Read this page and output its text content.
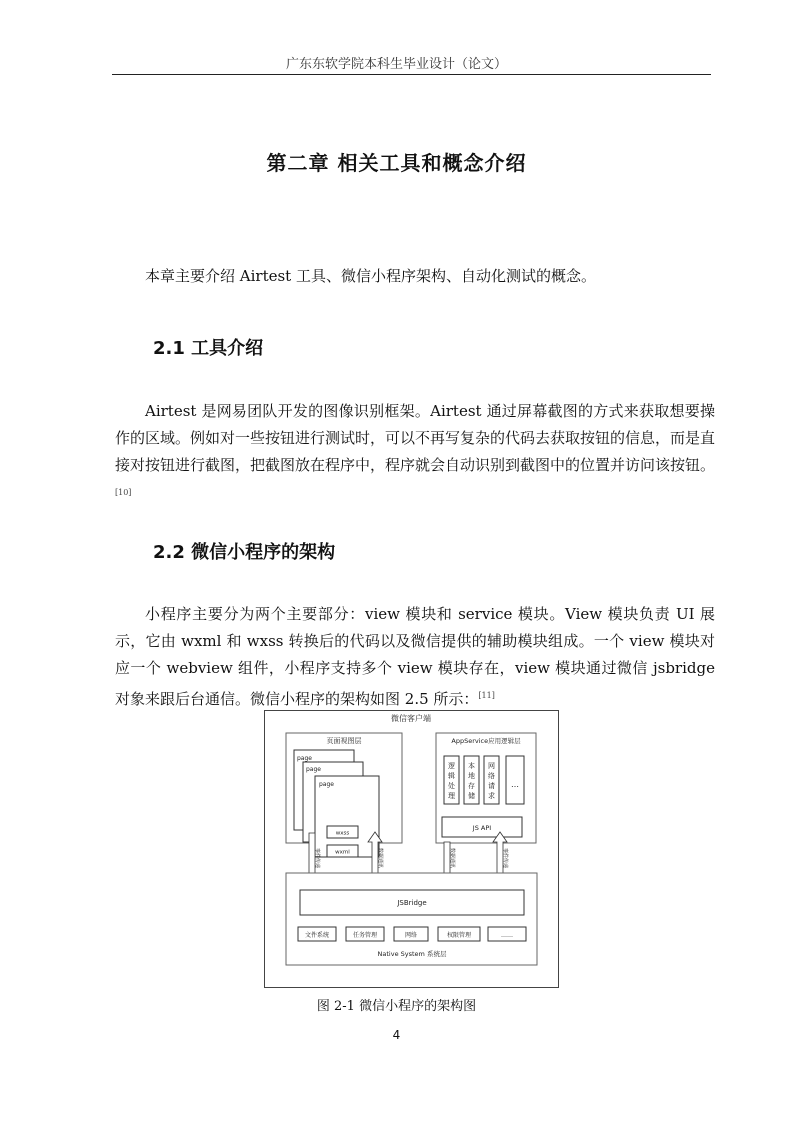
广东东软学院本科生毕业设计（论文）
第二章 相关工具和概念介绍
本章主要介绍 Airtest 工具、微信小程序架构、自动化测试的概念。
2.1 工具介绍
Airtest 是网易团队开发的图像识别框架。Airtest 通过屏幕截图的方式来获取想要操作的区域。例如对一些按钮进行测试时，可以不再写复杂的代码去获取按钮的信息，而是直接对按钮进行截图，把截图放在程序中，程序就会自动识别到截图中的位置并访问该按钮。[10]
2.2 微信小程序的架构
小程序主要分为两个主要部分：view 模块和 service 模块。View 模块负责 UI 展示，它由 wxml 和 wxss 转换后的代码以及微信提供的辅助模块组成。一个 view 模块对应一个 webview 组件，小程序支持多个 view 模块存在，view 模块通过微信 jsbridge 对象来跟后台通信。微信小程序的架构如图 2.5 所示：[11]
微信客户端
页面视图层
page
page
page
wxss
wxml
AppService应用逻辑层
逻辑处理
本地存储
网络请求
…
JS API
事件传递	数据通讯	数据通讯	事件传递
JSBridge
文件系统	任务管理	网络	权限管理	……
Native System 系统层
图 2-1 微信小程序的架构图
4
